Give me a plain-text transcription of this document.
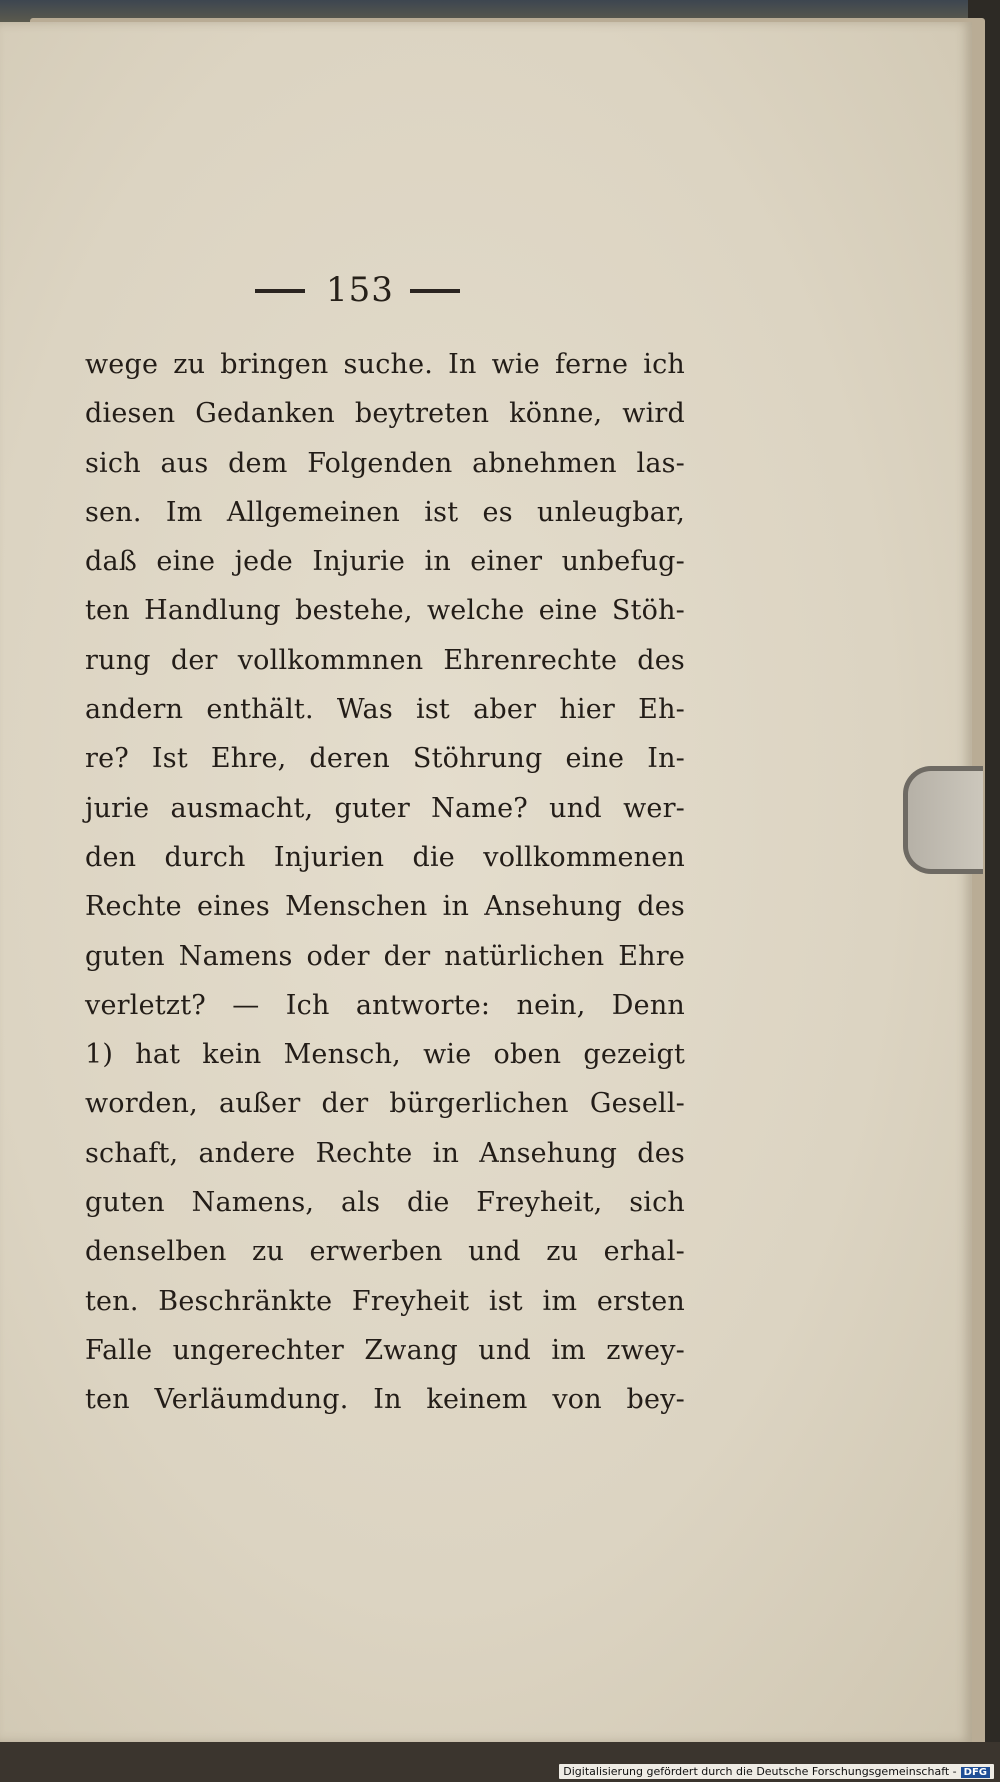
153
wege zu bringen suche. In wie ferne ich
diesen Gedanken beytreten könne, wird
sich aus dem Folgenden abnehmen las-
sen. Im Allgemeinen ist es unleugbar,
daß eine jede Injurie in einer unbefug-
ten Handlung bestehe, welche eine Stöh-
rung der vollkommnen Ehrenrechte des
andern enthält. Was ist aber hier Eh-
re? Ist Ehre, deren Stöhrung eine In-
jurie ausmacht, guter Name? und wer-
den durch Injurien die vollkommenen
Rechte eines Menschen in Ansehung des
guten Namens oder der natürlichen Ehre
verletzt? — Ich antworte: nein, Denn
1) hat kein Mensch, wie oben gezeigt
worden, außer der bürgerlichen Gesell-
schaft, andere Rechte in Ansehung des
guten Namens, als die Freyheit, sich
denselben zu erwerben und zu erhal-
ten. Beschränkte Freyheit ist im ersten
Falle ungerechter Zwang und im zwey-
ten Verläumdung. In keinem von bey-
Digitalisierung gefördert durch die Deutsche Forschungsgemeinschaft - DFG
